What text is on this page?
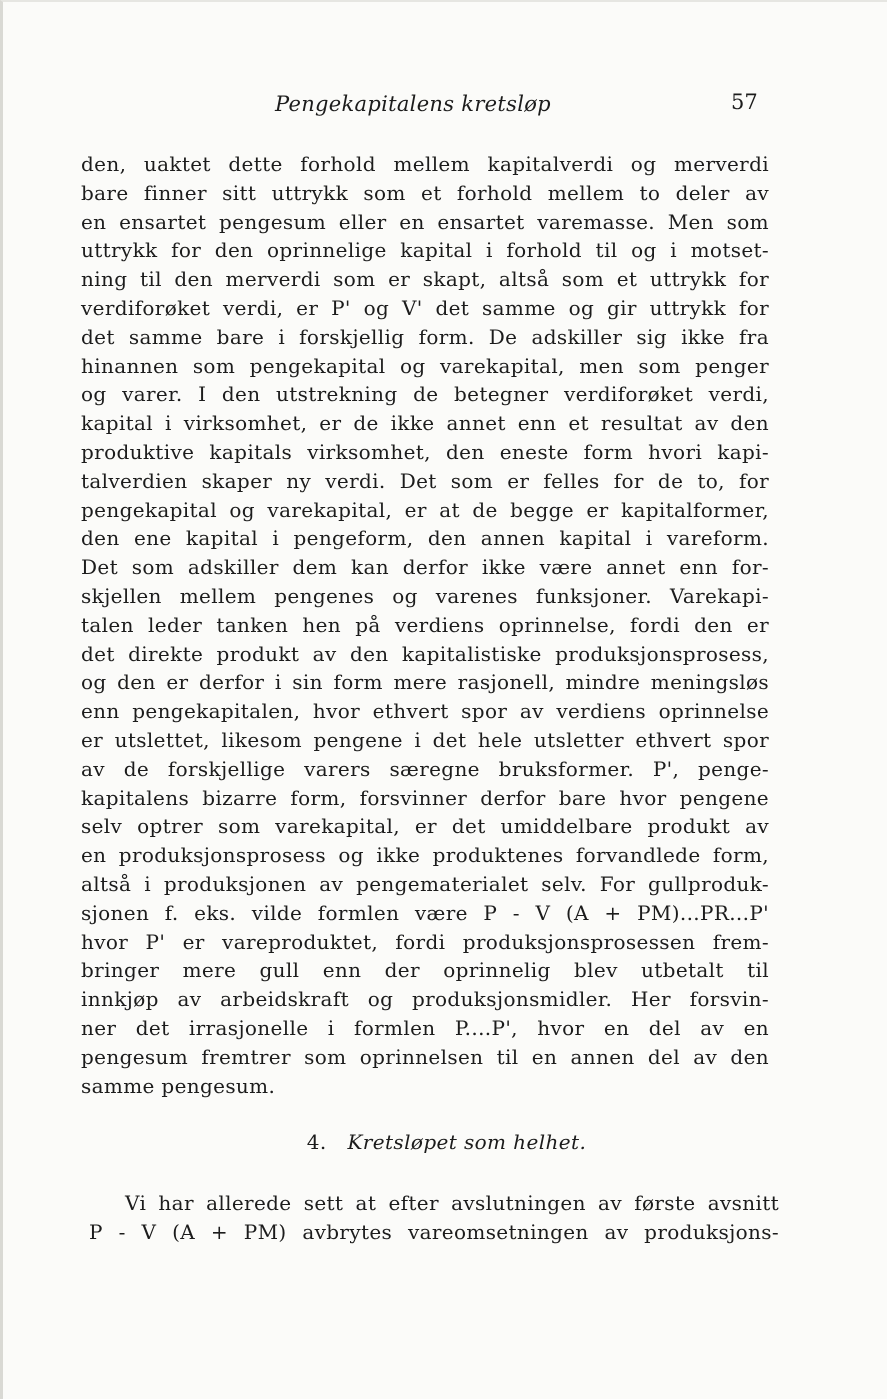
Pengekapitalens kretsløp	57
den, uaktet dette forhold mellem kapitalverdi og merverdi
bare finner sitt uttrykk som et forhold mellem to deler av
en ensartet pengesum eller en ensartet varemasse. Men som
uttrykk for den oprinnelige kapital i forhold til og i motset-
ning til den merverdi som er skapt, altså som et uttrykk for
verdiforøket verdi, er P' og V' det samme og gir uttrykk for
det samme bare i forskjellig form. De adskiller sig ikke fra
hinannen som pengekapital og varekapital, men som penger
og varer. I den utstrekning de betegner verdiforøket verdi,
kapital i virksomhet, er de ikke annet enn et resultat av den
produktive kapitals virksomhet, den eneste form hvori kapi-
talverdien skaper ny verdi. Det som er felles for de to, for
pengekapital og varekapital, er at de begge er kapitalformer,
den ene kapital i pengeform, den annen kapital i vareform.
Det som adskiller dem kan derfor ikke være annet enn for-
skjellen mellem pengenes og varenes funksjoner. Varekapi-
talen leder tanken hen på verdiens oprinnelse, fordi den er
det direkte produkt av den kapitalistiske produksjonsprosess,
og den er derfor i sin form mere rasjonell, mindre meningsløs
enn pengekapitalen, hvor ethvert spor av verdiens oprinnelse
er utslettet, likesom pengene i det hele utsletter ethvert spor
av de forskjellige varers særegne bruksformer. P', penge-
kapitalens bizarre form, forsvinner derfor bare hvor pengene
selv optrer som varekapital, er det umiddelbare produkt av
en produksjonsprosess og ikke produktenes forvandlede form,
altså i produksjonen av pengematerialet selv. For gullproduk-
sjonen f. eks. vilde formlen være P - V (A + PM)...PR...P'
hvor P' er vareproduktet, fordi produksjonsprosessen frem-
bringer mere gull enn der oprinnelig blev utbetalt til
innkjøp av arbeidskraft og produksjonsmidler. Her forsvin-
ner det irrasjonelle i formlen P....P', hvor en del av en
pengesum fremtrer som oprinnelsen til en annen del av den
samme pengesum.
4. Kretsløpet som helhet.
Vi har allerede sett at efter avslutningen av første avsnitt
P - V (A + PM) avbrytes vareomsetningen av produksjons-
